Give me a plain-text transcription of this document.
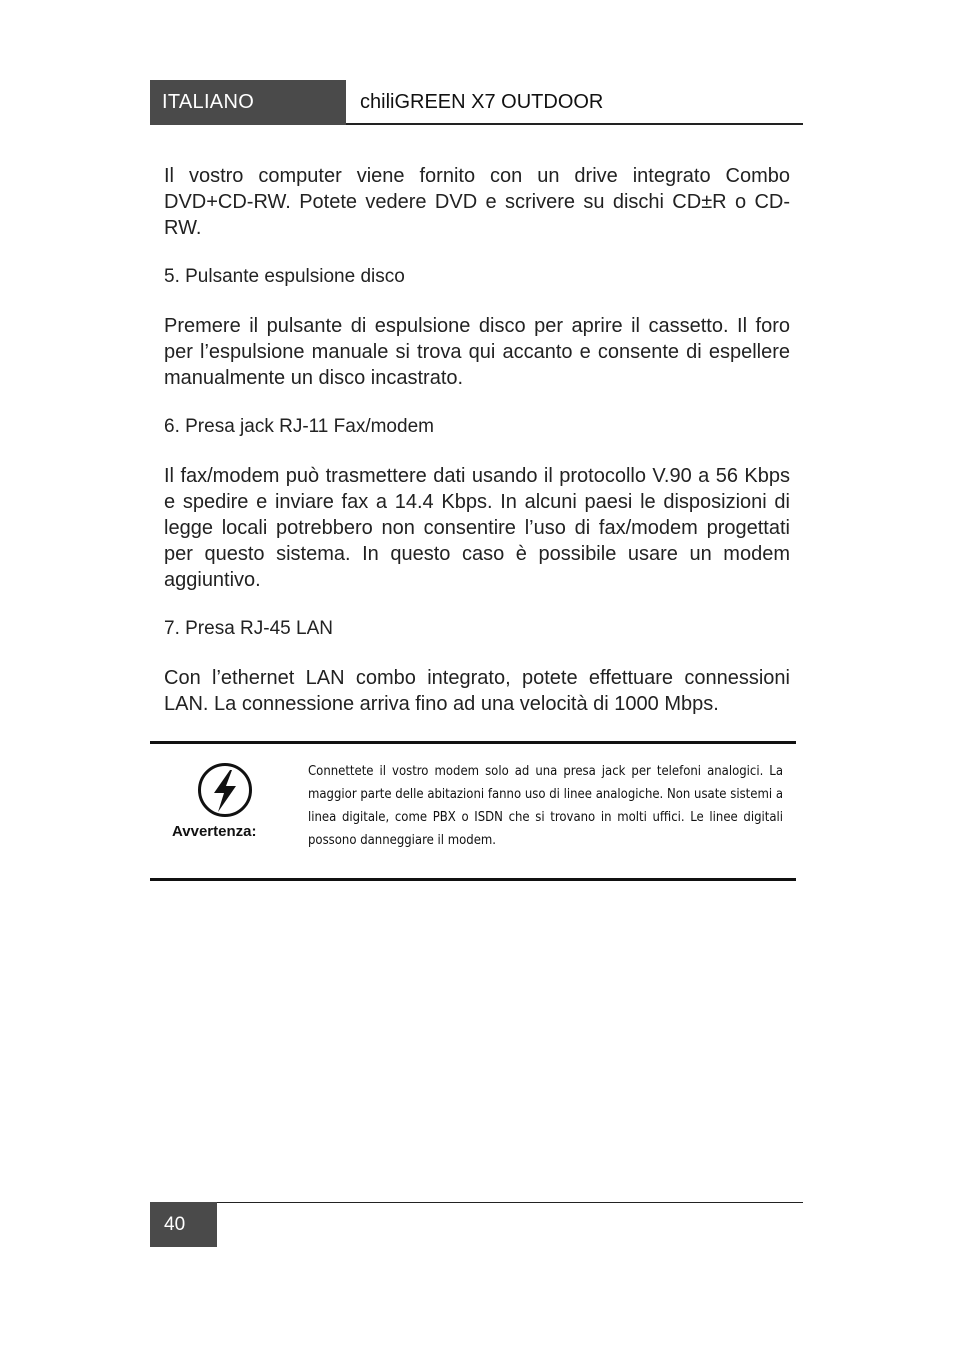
ITALIANO	chiliGREEN X7 OUTDOOR

Il vostro computer viene fornito con un drive integrato Combo DVD+CD-RW. Potete vedere DVD e scrivere su dischi CD±R o CD-RW.

5. Pulsante espulsione disco

Premere il pulsante di espulsione disco per aprire il cassetto. Il foro per l’espulsione manuale si trova qui accanto e consente di espellere manualmente un disco incastrato.

6. Presa jack RJ-11 Fax/modem

Il fax/modem può trasmettere dati usando il protocollo V.90 a 56 Kbps e spedire e inviare fax a 14.4 Kbps. In alcuni paesi le disposizioni di legge locali potrebbero non consentire l’uso di fax/modem progettati per questo sistema. In questo caso è possibile usare un modem aggiuntivo.

7. Presa RJ-45 LAN

Con l’ethernet LAN combo integrato, potete effettuare connessioni LAN. La connessione arriva fino ad una velocità di 1000 Mbps.

Avvertenza:
Connettete il vostro modem solo ad una presa jack per telefoni analogici. La maggior parte delle abitazioni fanno uso di linee analogiche. Non usate sistemi a linea digitale, come PBX o ISDN che si trovano in molti uffici. Le linee digitali possono danneggiare il modem.
40
